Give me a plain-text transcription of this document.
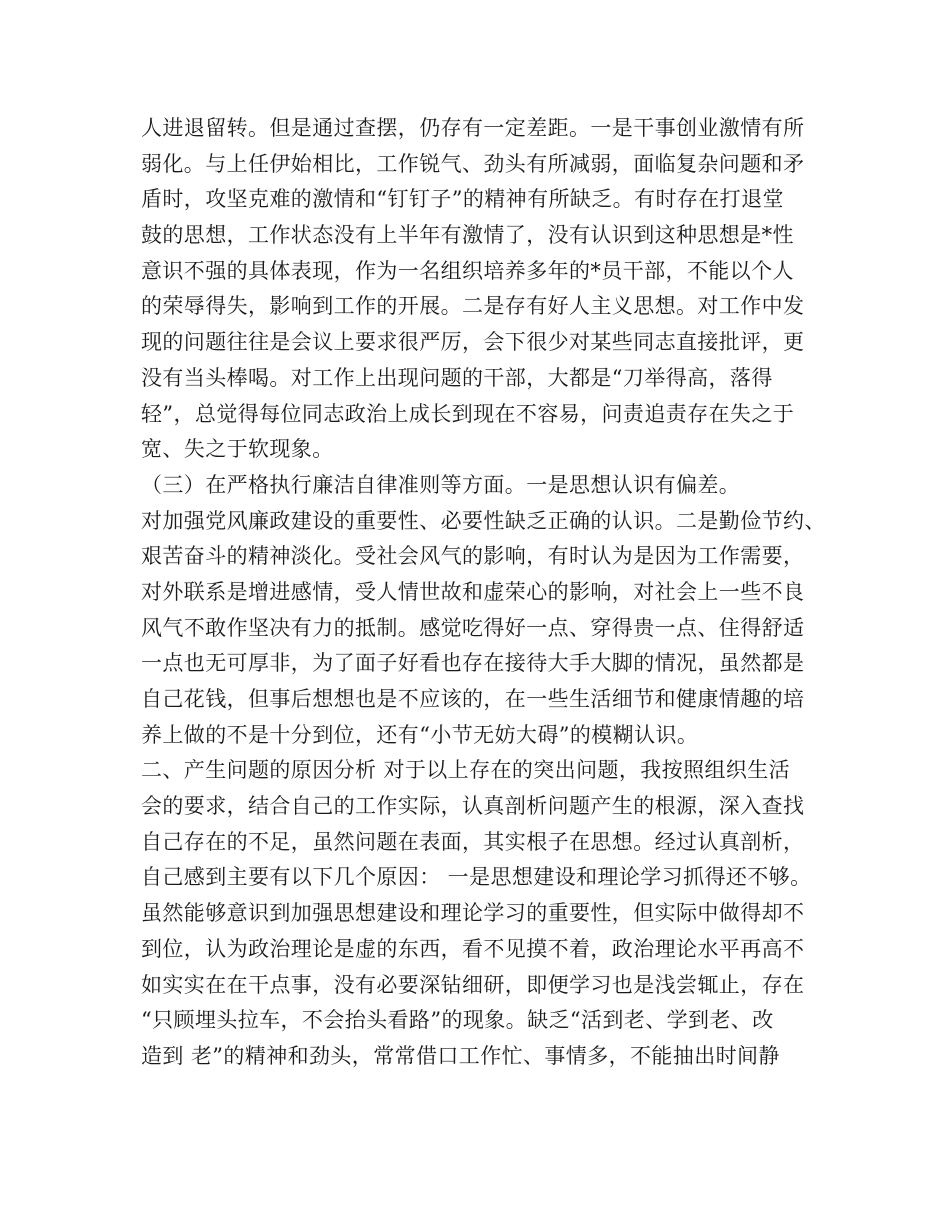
人进退留转。但是通过查摆，仍存有一定差距。一是干事创业激情有所
弱化。与上任伊始相比，工作锐气、劲头有所减弱，面临复杂问题和矛
盾时，攻坚克难的激情和“钉钉子”的精神有所缺乏。有时存在打退堂
鼓的思想，工作状态没有上半年有激情了，没有认识到这种思想是*性
意识不强的具体表现，作为一名组织培养多年的*员干部，不能以个人
的荣辱得失，影响到工作的开展。二是存有好人主义思想。对工作中发
现的问题往往是会议上要求很严厉，会下很少对某些同志直接批评，更
没有当头棒喝。对工作上出现问题的干部，大都是“刀举得高，落得
轻”，总觉得每位同志政治上成长到现在不容易，问责追责存在失之于
宽、失之于软现象。
（三）在严格执行廉洁自律准则等方面。一是思想认识有偏差。
对加强党风廉政建设的重要性、必要性缺乏正确的认识。二是勤俭节约、
艰苦奋斗的精神淡化。受社会风气的影响，有时认为是因为工作需要，
对外联系是增进感情，受人情世故和虚荣心的影响，对社会上一些不良
风气不敢作坚决有力的抵制。感觉吃得好一点、穿得贵一点、住得舒适
一点也无可厚非，为了面子好看也存在接待大手大脚的情况，虽然都是
自己花钱，但事后想想也是不应该的，在一些生活细节和健康情趣的培
养上做的不是十分到位，还有“小节无妨大碍”的模糊认识。
二、产生问题的原因分析 对于以上存在的突出问题，我按照组织生活
会的要求，结合自己的工作实际，认真剖析问题产生的根源，深入查找
自己存在的不足，虽然问题在表面，其实根子在思想。经过认真剖析，
自己感到主要有以下几个原因： 一是思想建设和理论学习抓得还不够。
虽然能够意识到加强思想建设和理论学习的重要性，但实际中做得却不
到位，认为政治理论是虚的东西，看不见摸不着，政治理论水平再高不
如实实在在干点事，没有必要深钻细研，即便学习也是浅尝辄止，存在
“只顾埋头拉车，不会抬头看路”的现象。缺乏“活到老、学到老、改
造到 老”的精神和劲头，常常借口工作忙、事情多，不能抽出时间静
